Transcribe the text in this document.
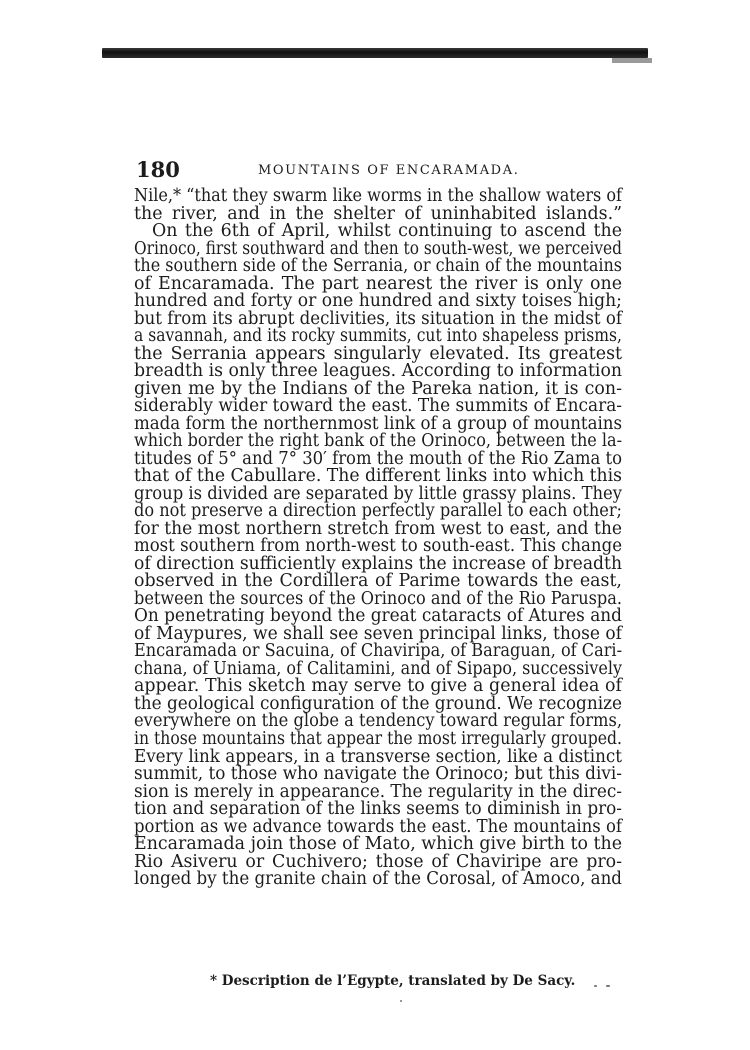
180	MOUNTAINS OF ENCARAMADA.
Nile,* “that they swarm like worms in the shallow waters of
the river, and in the shelter of uninhabited islands.”
On the 6th of April, whilst continuing to ascend the
Orinoco, first southward and then to south-west, we perceived
the southern side of the Serrania, or chain of the mountains
of Encaramada. The part nearest the river is only one
hundred and forty or one hundred and sixty toises high;
but from its abrupt declivities, its situation in the midst of
a savannah, and its rocky summits, cut into shapeless prisms,
the Serrania appears singularly elevated. Its greatest
breadth is only three leagues. According to information
given me by the Indians of the Pareka nation, it is con-
siderably wider toward the east. The summits of Encara-
mada form the northernmost link of a group of mountains
which border the right bank of the Orinoco, between the la-
titudes of 5° and 7° 30′ from the mouth of the Rio Zama to
that of the Cabullare. The different links into which this
group is divided are separated by little grassy plains. They
do not preserve a direction perfectly parallel to each other;
for the most northern stretch from west to east, and the
most southern from north-west to south-east. This change
of direction sufficiently explains the increase of breadth
observed in the Cordillera of Parime towards the east,
between the sources of the Orinoco and of the Rio Paruspa.
On penetrating beyond the great cataracts of Atures and
of Maypures, we shall see seven principal links, those of
Encaramada or Sacuina, of Chaviripa, of Baraguan, of Cari-
chana, of Uniama, of Calitamini, and of Sipapo, successively
appear. This sketch may serve to give a general idea of
the geological configuration of the ground. We recognize
everywhere on the globe a tendency toward regular forms,
in those mountains that appear the most irregularly grouped.
Every link appears, in a transverse section, like a distinct
summit, to those who navigate the Orinoco; but this divi-
sion is merely in appearance. The regularity in the direc-
tion and separation of the links seems to diminish in pro-
portion as we advance towards the east. The mountains of
Encaramada join those of Mato, which give birth to the
Rio Asiveru or Cuchivero; those of Chaviripe are pro-
longed by the granite chain of the Corosal, of Amoco, and
* Description de l’Egypte, translated by De Sacy.
